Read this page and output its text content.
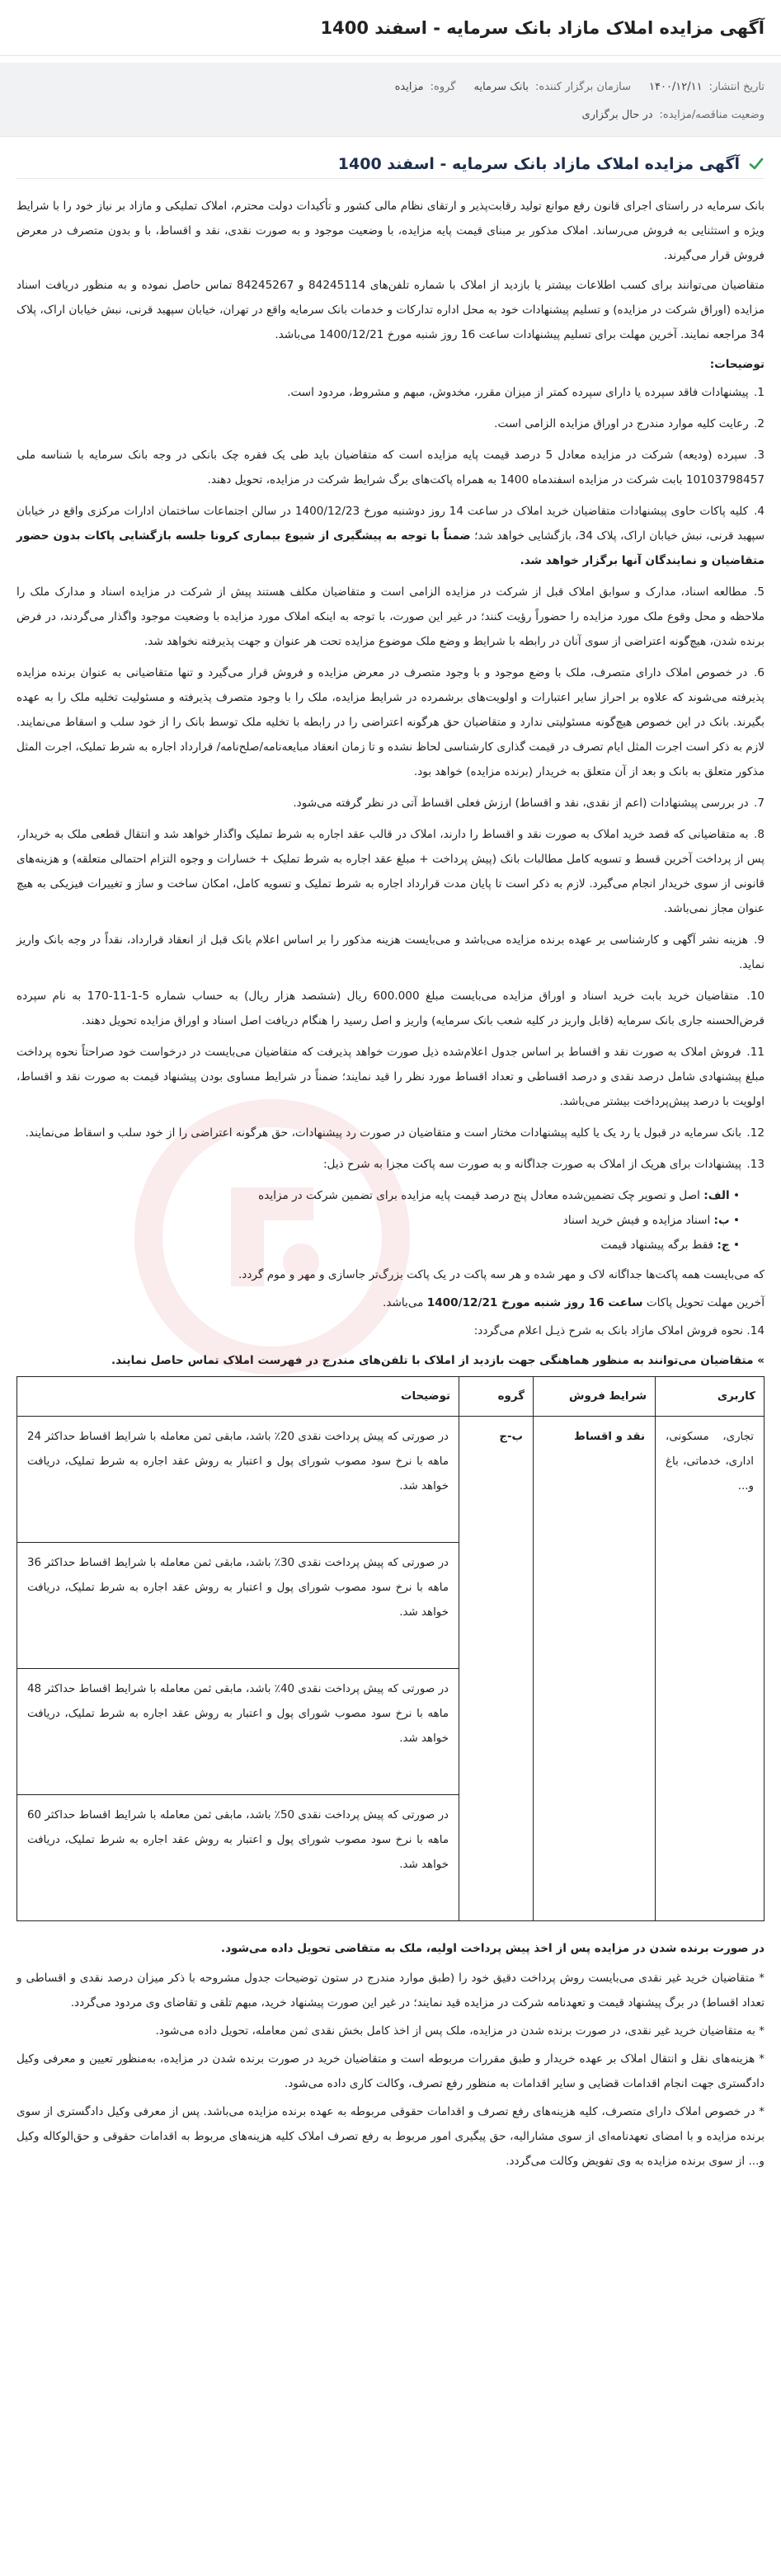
آگهی مزایده املاک مازاد بانک سرمایه - اسفند 1400
تاریخ انتشار:
۱۴۰۰/۱۲/۱۱
سازمان برگزار کننده:
بانک سرمایه
گروه:
مزایده
وضعیت مناقصه/مزایده:
در حال برگزاری
آگهی مزایده املاک مازاد بانک سرمایه - اسفند 1400

بانک سرمایه در راستای اجرای قانون رفع موانع تولید رقابت‌پذیر و ارتقای نظام مالی کشور و تأکیدات دولت محترم، املاک تملیکی و مازاد بر نیاز خود را با شرایط ویژه و استثنایی به فروش می‌رساند. املاک مذکور بر مبنای قیمت پایه مزایده، با وضعیت موجود و به صورت نقدی، نقد و اقساط، با و بدون متصرف در معرض فروش قرار می‌گیرند.

متقاضیان می‌توانند برای کسب اطلاعات بیشتر یا بازدید از املاک با شماره تلفن‌های 84245114 و 84245267 تماس حاصل نموده و به منظور دریافت اسناد مزایده (اوراق شرکت در مزایده) و تسلیم پیشنهادات خود به محل اداره تدارکات و خدمات بانک سرمایه واقع در تهران، خیابان سپهبد قرنی، نبش خیابان اراک، پلاک 34 مراجعه نمایند. آخرین مهلت برای تسلیم پیشنهادات ساعت 16 روز شنبه مورخ 1400/12/21 می‌باشد.

توضیحات:
1. پیشنهادات فاقد سپرده یا دارای سپرده کمتر از میزان مقرر، مخدوش، مبهم و مشروط، مردود است.
2. رعایت کلیه موارد مندرج در اوراق مزایده الزامی است.
3. سپرده (ودیعه) شرکت در مزایده معادل 5 درصد قیمت پایه مزایده است که متقاضیان باید طی یک فقره چک بانکی در وجه بانک سرمایه با شناسه ملی 10103798457 بابت شرکت در مزایده اسفندماه 1400 به همراه پاکت‌های برگ شرایط شرکت در مزایده، تحویل دهند.
4. کلیه پاکات حاوی پیشنهادات متقاضیان خرید املاک در ساعت 14 روز دوشنبه مورخ 1400/12/23 در سالن اجتماعات ساختمان ادارات مرکزی واقع در خیابان سپهبد قرنی، نبش خیابان اراک، پلاک 34، بازگشایی خواهد شد؛ ضمناً با توجه به پیشگیری از شیوع بیماری کرونا جلسه بازگشایی پاکات بدون حضور متقاضیان و نمایندگان آنها برگزار خواهد شد.
5. مطالعه اسناد، مدارک و سوابق املاک قبل از شرکت در مزایده الزامی است و متقاضیان مکلف هستند پیش از شرکت در مزایده اسناد و مدارک ملک را ملاحظه و محل وقوع ملک مورد مزایده را حضوراً رؤیت کنند؛ در غیر این صورت، با توجه به اینکه املاک مورد مزایده با وضعیت موجود واگذار می‌گردند، در فرض برنده شدن، هیچ‌گونه اعتراضی از سوی آنان در رابطه با شرایط و وضع ملک موضوع مزایده تحت هر عنوان و جهت پذیرفته نخواهد شد.
6. در خصوص املاک دارای متصرف، ملک با وضع موجود و با وجود متصرف در معرض مزایده و فروش قرار می‌گیرد و تنها متقاضیانی به عنوان برنده مزایده پذیرفته می‌شوند که علاوه بر احراز سایر اعتبارات و اولویت‌های برشمرده در شرایط مزایده، ملک را با وجود متصرف پذیرفته و مسئولیت تخلیه ملک را به عهده بگیرند. بانک در این خصوص هیچ‌گونه مسئولیتی ندارد و متقاضیان حق هرگونه اعتراضی را در رابطه با تخلیه ملک توسط بانک را از خود سلب و اسقاط می‌نمایند. لازم به ذکر است اجرت المثل ایام تصرف در قیمت گذاری کارشناسی لحاظ نشده و تا زمان انعقاد مبایعه‌نامه/صلح‌نامه/ قرارداد اجاره به شرط تملیک، اجرت المثل مذکور متعلق به بانک و بعد از آن متعلق به خریدار (برنده مزایده) خواهد بود.
7. در بررسی پیشنهادات (اعم از نقدی، نقد و اقساط) ارزش فعلی اقساط آتی در نظر گرفته می‌شود.
8. به متقاضیانی که قصد خرید املاک به صورت نقد و اقساط را دارند، املاک در قالب عقد اجاره به شرط تملیک واگذار خواهد شد و انتقال قطعی ملک به خریدار، پس از پرداخت آخرین قسط و تسویه کامل مطالبات بانک (پیش پرداخت + مبلغ عقد اجاره به شرط تملیک + خسارات و وجوه التزام احتمالی متعلقه) و هزینه‌های قانونی از سوی خریدار انجام می‌گیرد. لازم به ذکر است تا پایان مدت قرارداد اجاره به شرط تملیک و تسویه کامل، امکان ساخت و ساز و تغییرات فیزیکی به هیچ عنوان مجاز نمی‌باشد.
9. هزینه نشر آگهی و کارشناسی بر عهده برنده مزایده می‌باشد و می‌بایست هزینه مذکور را بر اساس اعلام بانک قبل از انعقاد قرارداد، نقداً در وجه بانک واریز نماید.
10. متقاضیان خرید بابت خرید اسناد و اوراق مزایده می‌بایست مبلغ 600.000 ریال (ششصد هزار ریال) به حساب شماره 5-1-11-170 به نام سپرده قرض‌الحسنه جاری بانک سرمایه (قابل واریز در کلیه شعب بانک سرمایه) واریز و اصل رسید را هنگام دریافت اصل اسناد و اوراق مزایده تحویل دهند.
11. فروش املاک به صورت نقد و اقساط بر اساس جدول اعلام‌شده ذیل صورت خواهد پذیرفت که متقاضیان می‌بایست در درخواست خود صراحتاً نحوه پرداخت مبلغ پیشنهادی شامل درصد نقدی و درصد اقساطی و تعداد اقساط مورد نظر را قید نمایند؛ ضمناً در شرایط مساوی بودن پیشنهاد قیمت به صورت نقد و اقساط، اولویت با درصد پیش‌پرداخت بیشتر می‌باشد.
12. بانک سرمایه در قبول یا رد یک یا کلیه پیشنهادات مختار است و متقاضیان در صورت رد پیشنهادات، حق هرگونه اعتراضی را از خود سلب و اسقاط می‌نمایند.
13. پیشنهادات برای هریک از املاک به صورت جداگانه و به صورت سه پاکت مجزا به شرح ذیل:
• الف: اصل و تصویر چک تضمین‌شده معادل پنج درصد قیمت پایه مزایده برای تضمین شرکت در مزایده
• ب: اسناد مزایده و فیش خرید اسناد
• ج: فقط برگه پیشنهاد قیمت

که می‌بایست همه پاکت‌ها جداگانه لاک و مهر شده و هر سه پاکت در یک پاکت بزرگ‌تر جاسازی و مهر و موم گردد.

آخرین مهلت تحویل پاکات ساعت 16 روز شنبه مورخ 1400/12/21 می‌باشد.

14. نحوه فروش املاک مازاد بانک به شرح ذیـل اعلام می‌گردد:

» متقاضیان می‌توانند به منظور هماهنگی جهت بازدید از املاک با تلفن‌های مندرج در فهرست املاک تماس حاصل نمایند.

کاربری	شرایط فروش	گروه	توضیحات
تجاری، مسکونی، اداری، خدماتی، باغ و...	نقد و اقساط	ب-ج	در صورتی که پیش پرداخت نقدی 20٪ باشد، مابقی ثمن معامله با شرایط اقساط حداکثر 24 ماهه با نرخ سود مصوب شورای پول و اعتبار به روش عقد اجاره به شرط تملیک، دریافت خواهد شد.
			در صورتی که پیش پرداخت نقدی 30٪ باشد، مابقی ثمن معامله با شرایط اقساط حداکثر 36 ماهه با نرخ سود مصوب شورای پول و اعتبار به روش عقد اجاره به شرط تملیک، دریافت خواهد شد.
			در صورتی که پیش پرداخت نقدی 40٪ باشد، مابقی ثمن معامله با شرایط اقساط حداکثر 48 ماهه با نرخ سود مصوب شورای پول و اعتبار به روش عقد اجاره به شرط تملیک، دریافت خواهد شد.
			در صورتی که پیش پرداخت نقدی 50٪ باشد، مابقی ثمن معامله با شرایط اقساط حداکثر 60 ماهه با نرخ سود مصوب شورای پول و اعتبار به روش عقد اجاره به شرط تملیک، دریافت خواهد شد.

در صورت برنده شدن در مزایده پس از اخذ پیش پرداخت اولیه، ملک به متقاضی تحویل داده می‌شود.

* متقاضیان خرید غیر نقدی می‌بایست روش پرداخت دقیق خود را (طبق موارد مندرج در ستون توضیحات جدول مشروحه با ذکر میزان درصد نقدی و اقساطی و تعداد اقساط) در برگ پیشنهاد قیمت و تعهدنامه شرکت در مزایده قید نمایند؛ در غیر این صورت پیشنهاد خرید، مبهم تلقی و تقاضای وی مردود می‌گردد.

* به متقاضیان خرید غیر نقدی، در صورت برنده شدن در مزایده، ملک پس از اخذ کامل بخش نقدی ثمن معامله، تحویل داده می‌شود.

* هزینه‌های نقل و انتقال املاک بر عهده خریدار و طبق مقررات مربوطه است و متقاضیان خرید در صورت برنده شدن در مزایده، به‌منظور تعیین و معرفی وکیل دادگستری جهت انجام اقدامات قضایی و سایر اقدامات به منظور رفع تصرف، وکالت کاری داده می‌شود.

* در خصوص املاک دارای متصرف، کلیه هزینه‌های رفع تصرف و اقدامات حقوقی مربوطه به عهده برنده مزایده می‌باشد. پس از معرفی وکیل دادگستری از سوی برنده مزایده و با امضای تعهدنامه‌ای از سوی مشارالیه، حق پیگیری امور مربوط به رفع تصرف املاک کلیه هزینه‌های مربوط به اقدامات حقوقی و حق‌الوکاله وکیل و... از سوی برنده مزایده به وی تفویض وکالت می‌گردد.
